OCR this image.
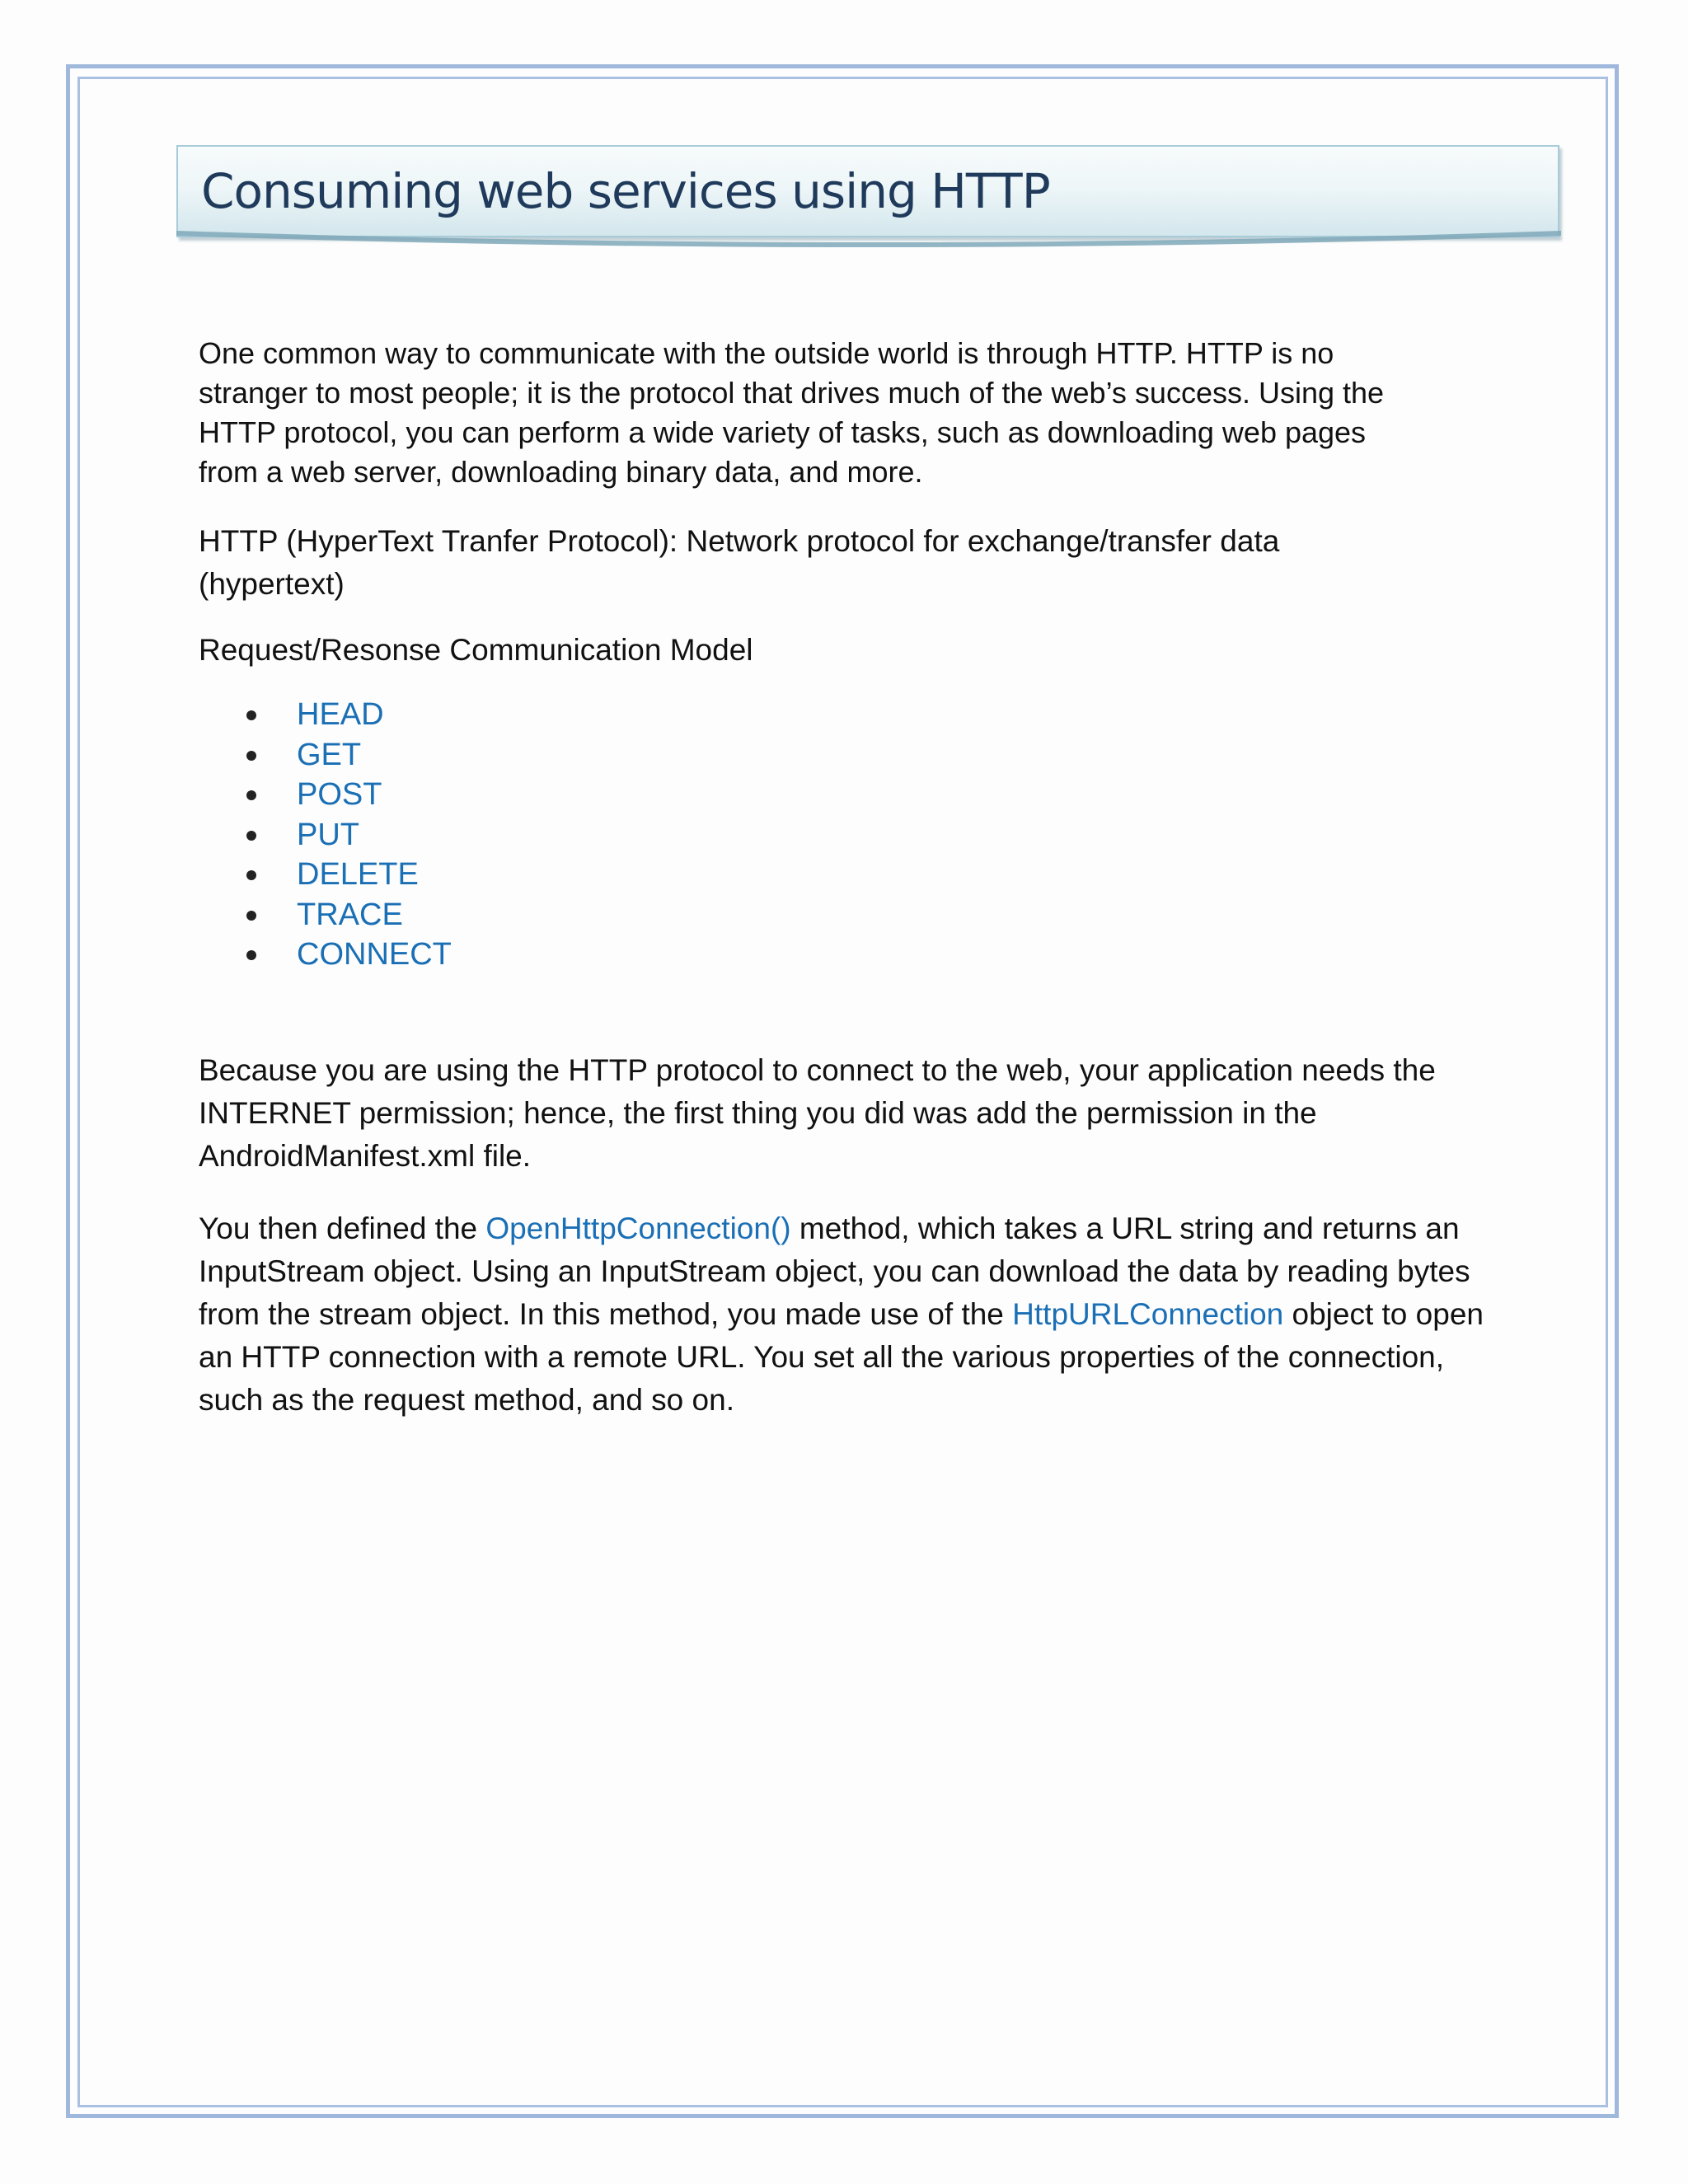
Consuming web services using HTTP

One common way to communicate with the outside world is through HTTP. HTTP is no stranger to most people; it is the protocol that drives much of the web’s success. Using the HTTP protocol, you can perform a wide variety of tasks, such as downloading web pages from a web server, downloading binary data, and more.

HTTP (HyperText Tranfer Protocol): Network protocol for exchange/transfer data (hypertext)

Request/Resonse Communication Model

HEAD
GET
POST
PUT
DELETE
TRACE
CONNECT

Because you are using the HTTP protocol to connect to the web, your application needs the INTERNET permission; hence, the first thing you did was add the permission in the AndroidManifest.xml file.

You then defined the OpenHttpConnection() method, which takes a URL string and returns an InputStream object. Using an InputStream object, you can download the data by reading bytes from the stream object. In this method, you made use of the HttpURLConnection object to open an HTTP connection with a remote URL. You set all the various properties of the connection, such as the request method, and so on.
